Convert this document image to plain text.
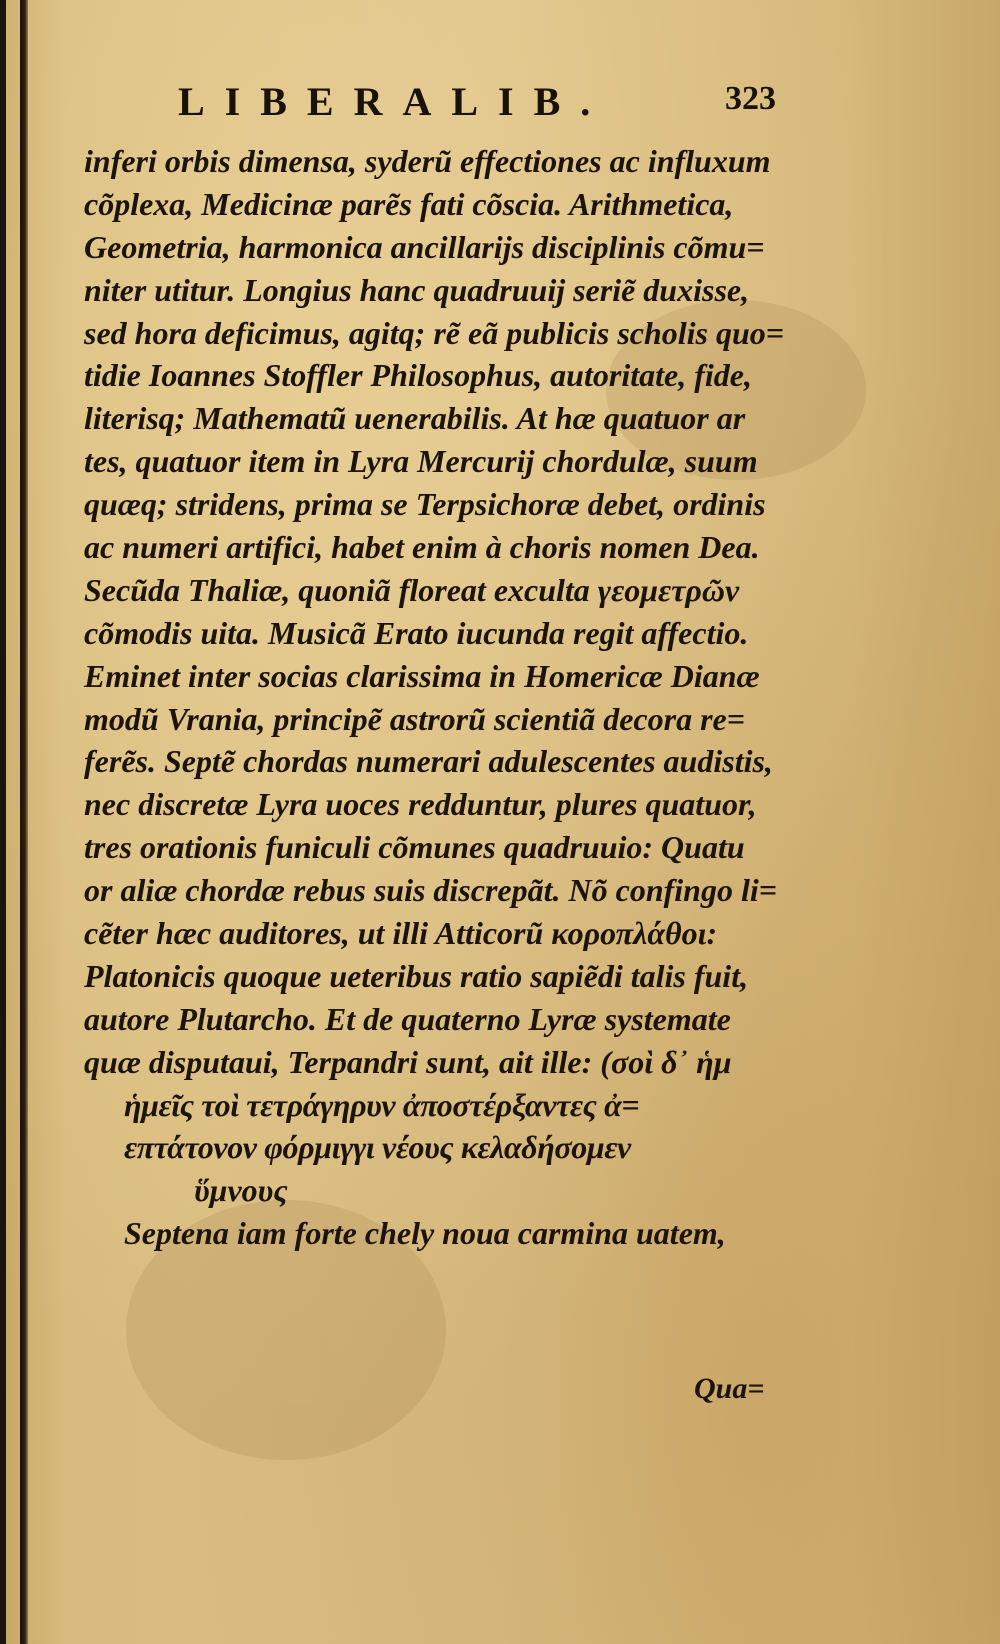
LIBERALIB.	323
inferi orbis dimensa, syderũ effectiones ac influxum
cõplexa, Medicinæ parẽs fati cõscia. Arithmetica,
Geometria, harmonica ancillarijs disciplinis cõmu=
niter utitur. Longius hanc quadruuij seriẽ duxisse,
sed hora deficimus, agitq; rẽ eã publicis scholis quo=
tidie Ioannes Stoffler Philosophus, autoritate, fide,
literisq; Mathematũ uenerabilis. At hæ quatuor ar
tes, quatuor item in Lyra Mercurij chordulæ, suum
quæq; stridens, prima se Terpsichoræ debet, ordinis
ac numeri artifici, habet enim à choris nomen Dea.
Secũda Thaliæ, quoniã floreat exculta γεομετρῶν
cõmodis uita. Musicã Erato iucunda regit affectio.
Eminet inter socias clarissima in Homericæ Dianæ
modũ Vrania, principẽ astrorũ scientiã decora re=
ferẽs. Septẽ chordas numerari adulescentes audistis,
nec discretæ Lyra uoces redduntur, plures quatuor,
tres orationis funiculi cõmunes quadruuio: Quatu
or aliæ chordæ rebus suis discrepãt. Nõ confingo li=
cẽter hæc auditores, ut illi Atticorũ κοροπλάθοι:
Platonicis quoque ueteribus ratio sapiẽdi talis fuit,
autore Plutarcho. Et de quaterno Lyræ systemate
quæ disputaui, Terpandri sunt, ait ille: (σοὶ δ᾽ ἡμ
ἡμεῖς τοὶ τετράγηρυν ἀποστέρξαντες ἀ=
επτάτονον φόρμιγγι νέους κελαδήσομεν
ὕμνους
Septena iam forte chely noua carmina uatem,
Qua=
